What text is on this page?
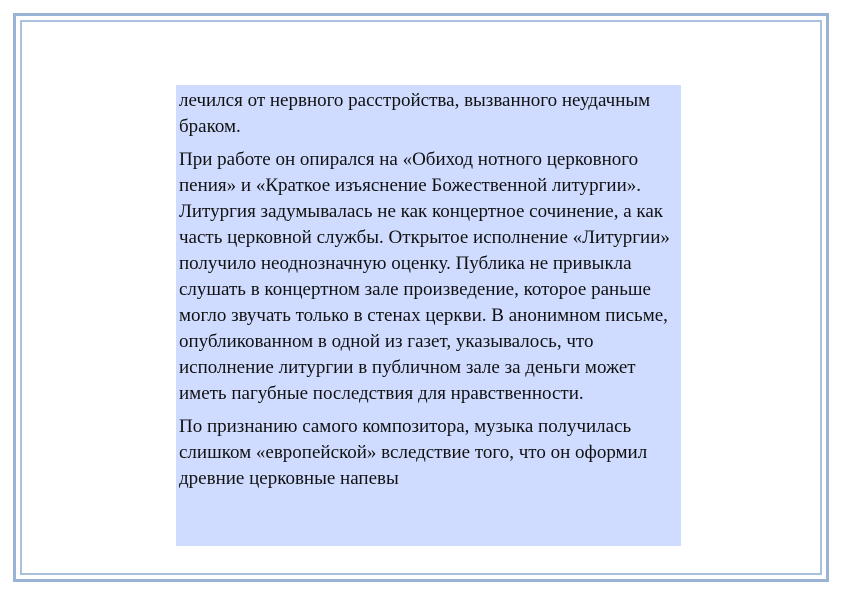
лечился от нервного расстройства, вызванного неудачным браком.

При работе он опирался на «Обиход нотного церковного пения» и «Краткое изъяснение Божественной литургии». Литургия задумывалась не как концертное сочинение, а как часть церковной службы. Открытое исполнение «Литургии» получило неоднозначную оценку. Публика не привыкла слушать в концертном зале произведение, которое раньше могло звучать только в стенах церкви. В анонимном письме, опубликованном в одной из газет, указывалось, что исполнение литургии в публичном зале за деньги может иметь пагубные последствия для нравственности.

По признанию самого композитора, музыка получилась слишком «европейской» вследствие того, что он оформил древние церковные напевы
